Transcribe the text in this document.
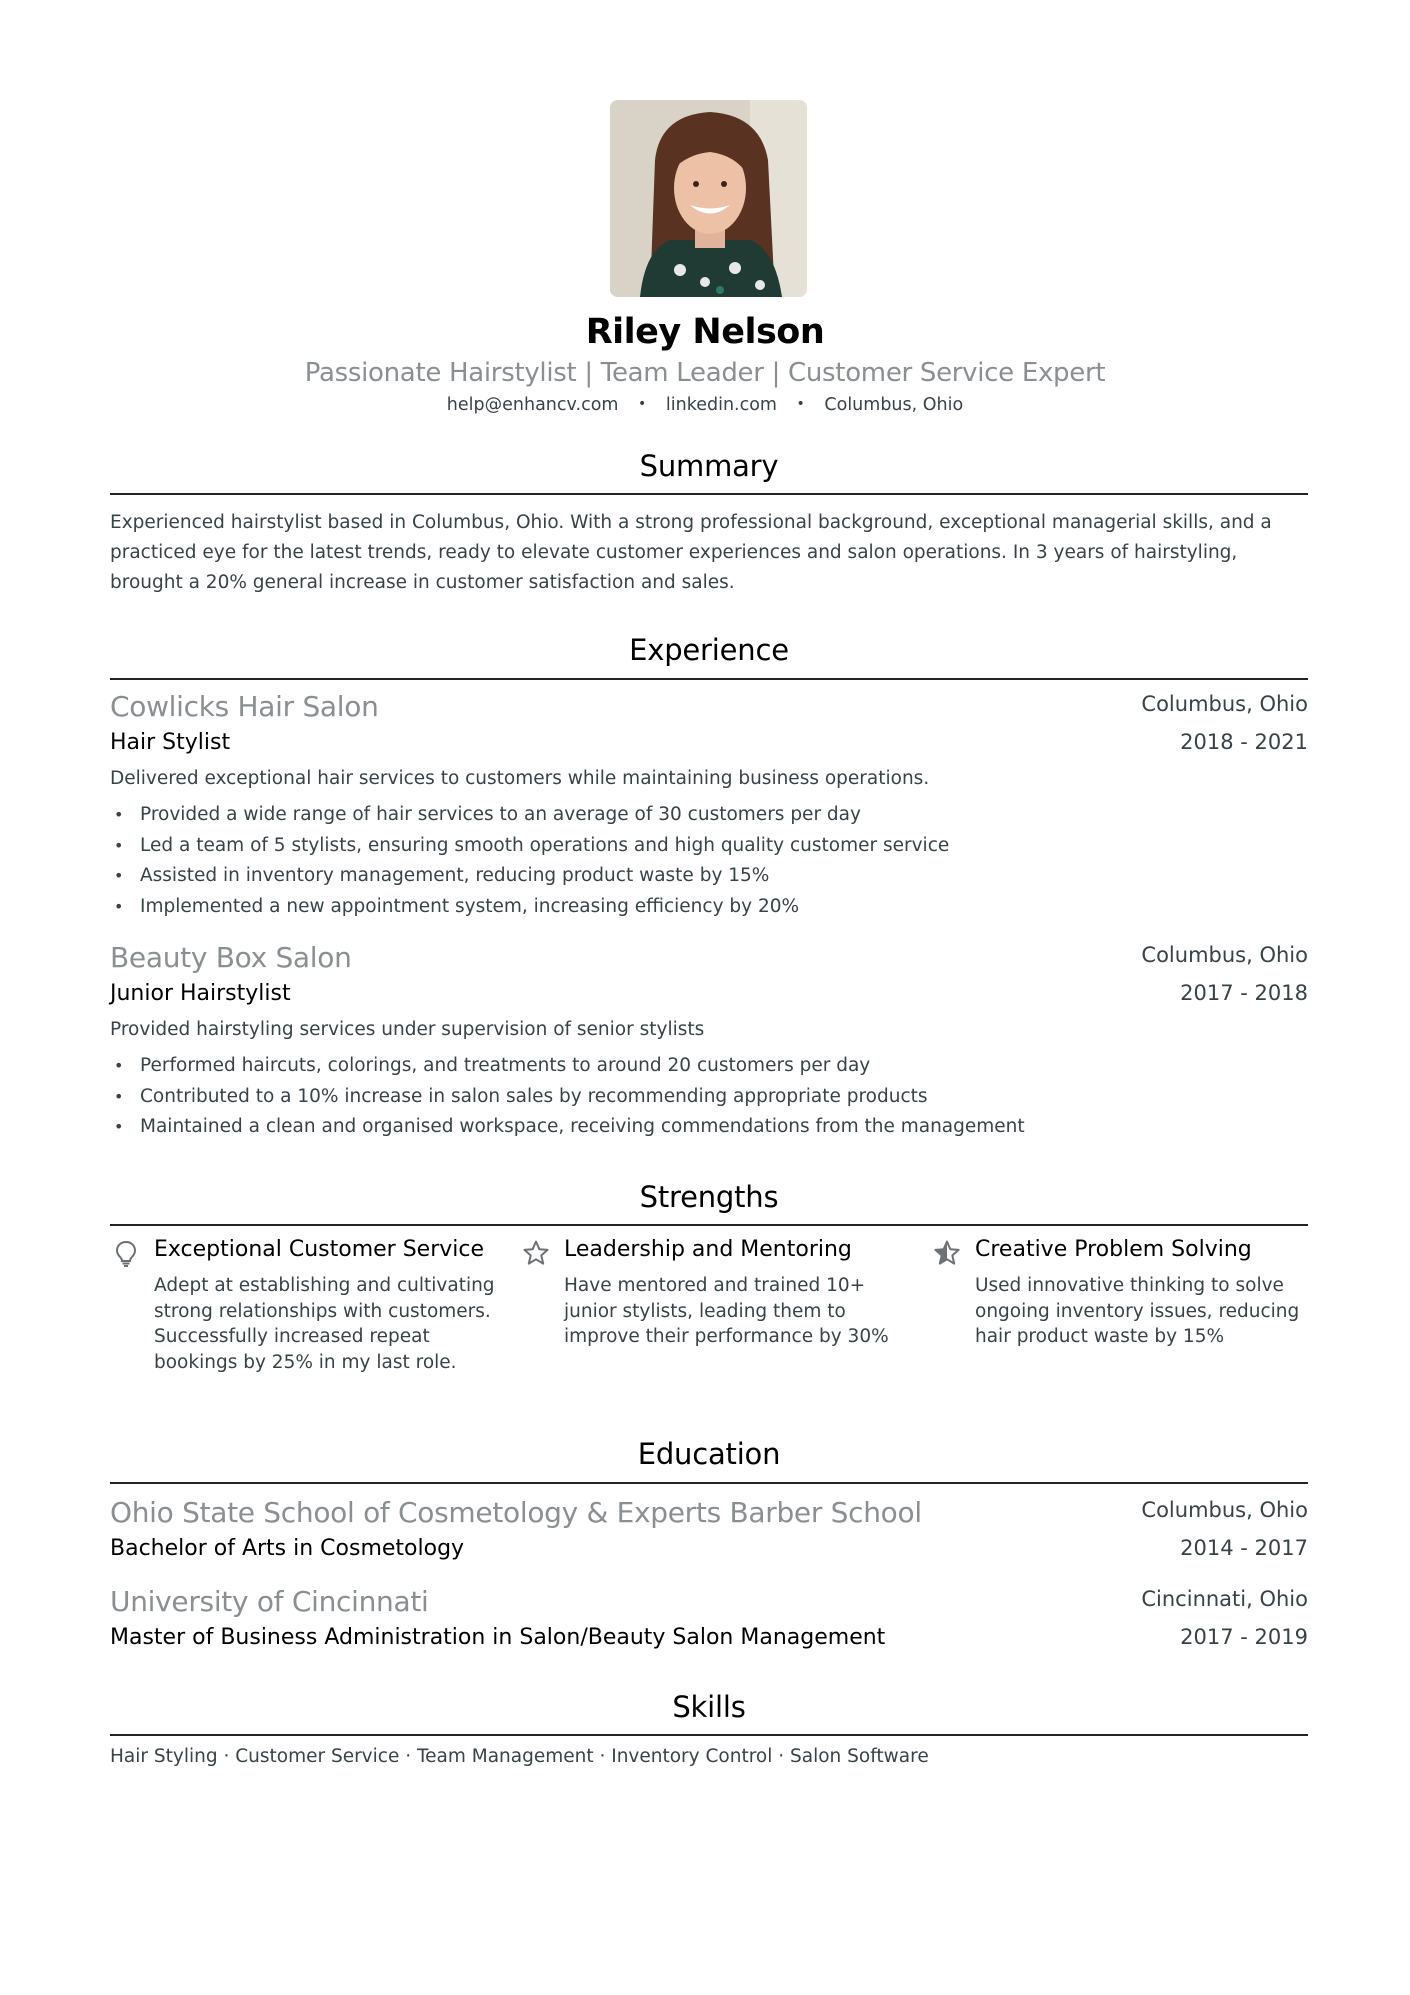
Riley Nelson
Passionate Hairstylist | Team Leader | Customer Service Expert
help@enhancv.com • linkedin.com • Columbus, Ohio
Summary
Experienced hairstylist based in Columbus, Ohio. With a strong professional background, exceptional managerial skills, and a practiced eye for the latest trends, ready to elevate customer experiences and salon operations. In 3 years of hairstyling, brought a 20% general increase in customer satisfaction and sales.
Experience
Cowlicks Hair Salon	Columbus, Ohio
Hair Stylist	2018 - 2021
Delivered exceptional hair services to customers while maintaining business operations.
• Provided a wide range of hair services to an average of 30 customers per day
• Led a team of 5 stylists, ensuring smooth operations and high quality customer service
• Assisted in inventory management, reducing product waste by 15%
• Implemented a new appointment system, increasing efficiency by 20%
Beauty Box Salon	Columbus, Ohio
Junior Hairstylist	2017 - 2018
Provided hairstyling services under supervision of senior stylists
• Performed haircuts, colorings, and treatments to around 20 customers per day
• Contributed to a 10% increase in salon sales by recommending appropriate products
• Maintained a clean and organised workspace, receiving commendations from the management
Strengths
Exceptional Customer Service
Adept at establishing and cultivating strong relationships with customers. Successfully increased repeat bookings by 25% in my last role.
Leadership and Mentoring
Have mentored and trained 10+ junior stylists, leading them to improve their performance by 30%
Creative Problem Solving
Used innovative thinking to solve ongoing inventory issues, reducing hair product waste by 15%
Education
Ohio State School of Cosmetology & Experts Barber School	Columbus, Ohio
Bachelor of Arts in Cosmetology	2014 - 2017
University of Cincinnati	Cincinnati, Ohio
Master of Business Administration in Salon/Beauty Salon Management	2017 - 2019
Skills
Hair Styling · Customer Service · Team Management · Inventory Control · Salon Software
